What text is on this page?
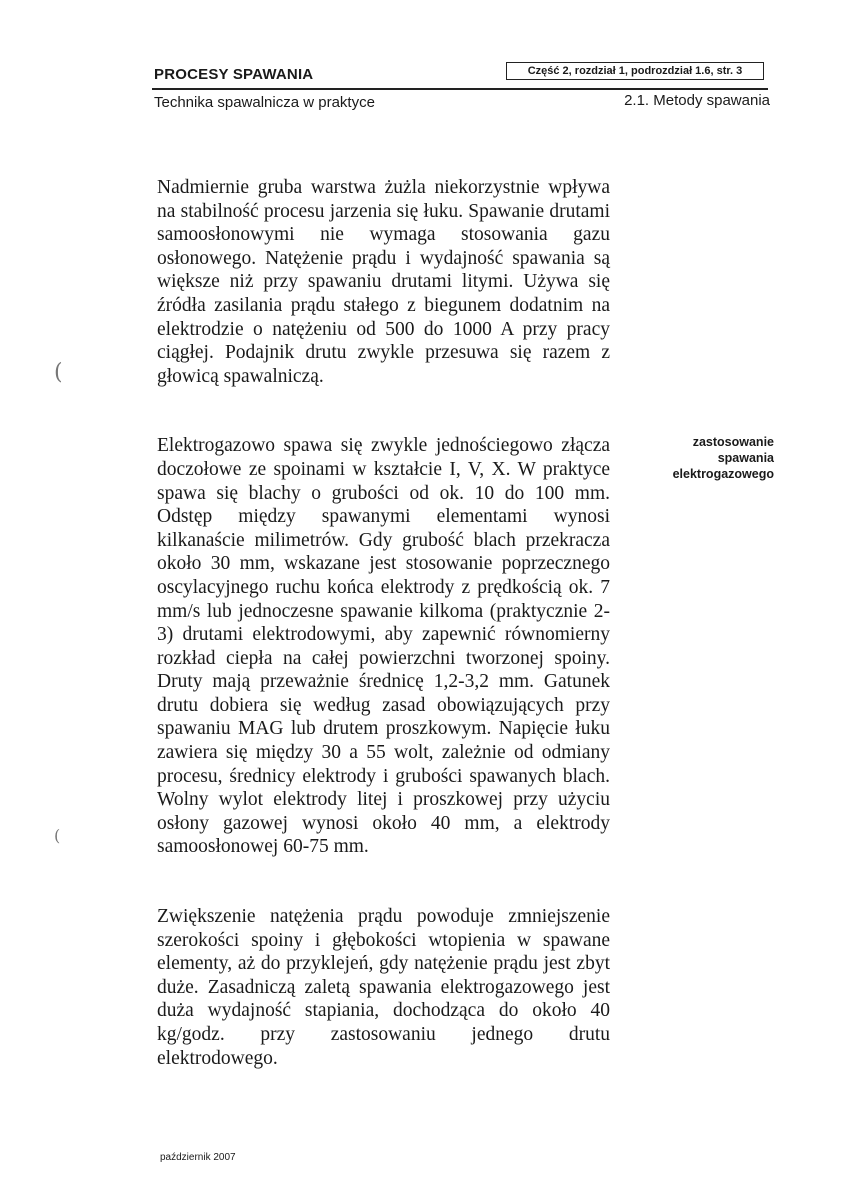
PROCESY SPAWANIA	Część 2, rozdział 1, podrozdział 1.6, str. 3
Technika spawalnicza w praktyce	2.1. Metody spawania

Nadmiernie gruba warstwa żużla niekorzystnie wpływa na stabilność procesu jarzenia się łuku. Spawanie drutami samoosłonowymi nie wymaga stosowania gazu osłonowego. Natężenie prądu i wydajność spawania są większe niż przy spawaniu drutami litymi. Używa się źródła zasilania prądu stałego z biegunem dodatnim na elektrodzie o natężeniu od 500 do 1000 A przy pracy ciągłej. Podajnik drutu zwykle przesuwa się razem z głowicą spawalniczą.

Elektrogazowo spawa się zwykle jednościegowo złącza doczołowe ze spoinami w kształcie I, V, X. W praktyce spawa się blachy o grubości od ok. 10 do 100 mm. Odstęp między spawanymi elementami wynosi kilkanaście milimetrów. Gdy grubość blach przekracza około 30 mm, wskazane jest stosowanie poprzecznego oscylacyjnego ruchu końca elektrody z prędkością ok. 7 mm/s lub jednoczesne spawanie kilkoma (praktycznie 2-3) drutami elektrodowymi, aby zapewnić równomierny rozkład ciepła na całej powierzchni tworzonej spoiny. Druty mają przeważnie średnicę 1,2-3,2 mm. Gatunek drutu dobiera się według zasad obowiązujących przy spawaniu MAG lub drutem proszkowym. Napięcie łuku zawiera się między 30 a 55 wolt, zależnie od odmiany procesu, średnicy elektrody i grubości spawanych blach. Wolny wylot elektrody litej i proszkowej przy użyciu osłony gazowej wynosi około 40 mm, a elektrody samoosłonowej 60-75 mm.

Zwiększenie natężenia prądu powoduje zmniejszenie szerokości spoiny i głębokości wtopienia w spawane elementy, aż do przyklejeń, gdy natężenie prądu jest zbyt duże. Zasadniczą zaletą spawania elektrogazowego jest duża wydajność stapiania, dochodząca do około 40 kg/godz. przy zastosowaniu jednego drutu elektrodowego.

zastosowanie
spawania
elektrogazowego
październik 2007
(
(
